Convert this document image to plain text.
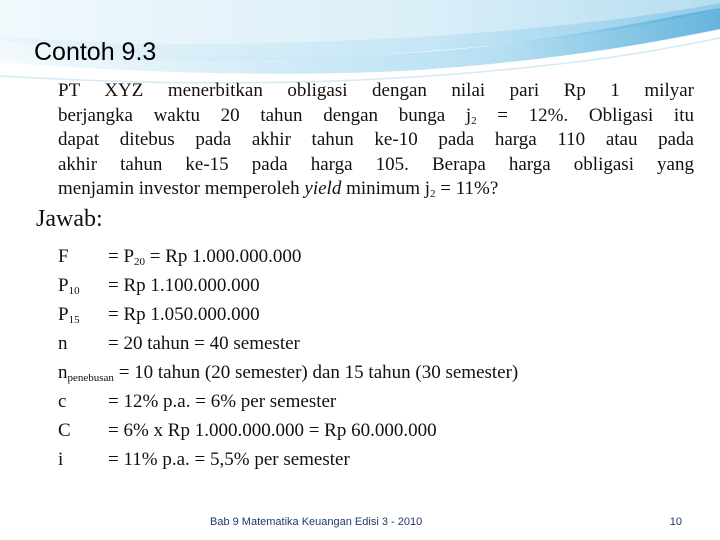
Contoh 9.3
PT XYZ menerbitkan obligasi dengan nilai pari Rp 1 milyar
berjangka waktu 20 tahun dengan bunga $j_2 = 12\%$. Obligasi itu
dapat ditebus pada akhir tahun ke-10 pada harga 110 atau pada
akhir tahun ke-15 pada harga 105. Berapa harga obligasi yang
menjamin investor memperoleh yield minimum $j_2 = 11\%$?
Jawab:
F = P20 = Rp 1.000.000.000
P10 = Rp 1.100.000.000
P15 = Rp 1.050.000.000
n = 20 tahun = 40 semester
npenebusan = 10 tahun (20 semester) dan 15 tahun (30 semester)
c = 12% p.a. = 6% per semester
C = 6% x Rp 1.000.000.000 = Rp 60.000.000
i = 11% p.a. = 5,5% per semester
Bab 9 Matematika Keuangan Edisi 3 - 2010	10
